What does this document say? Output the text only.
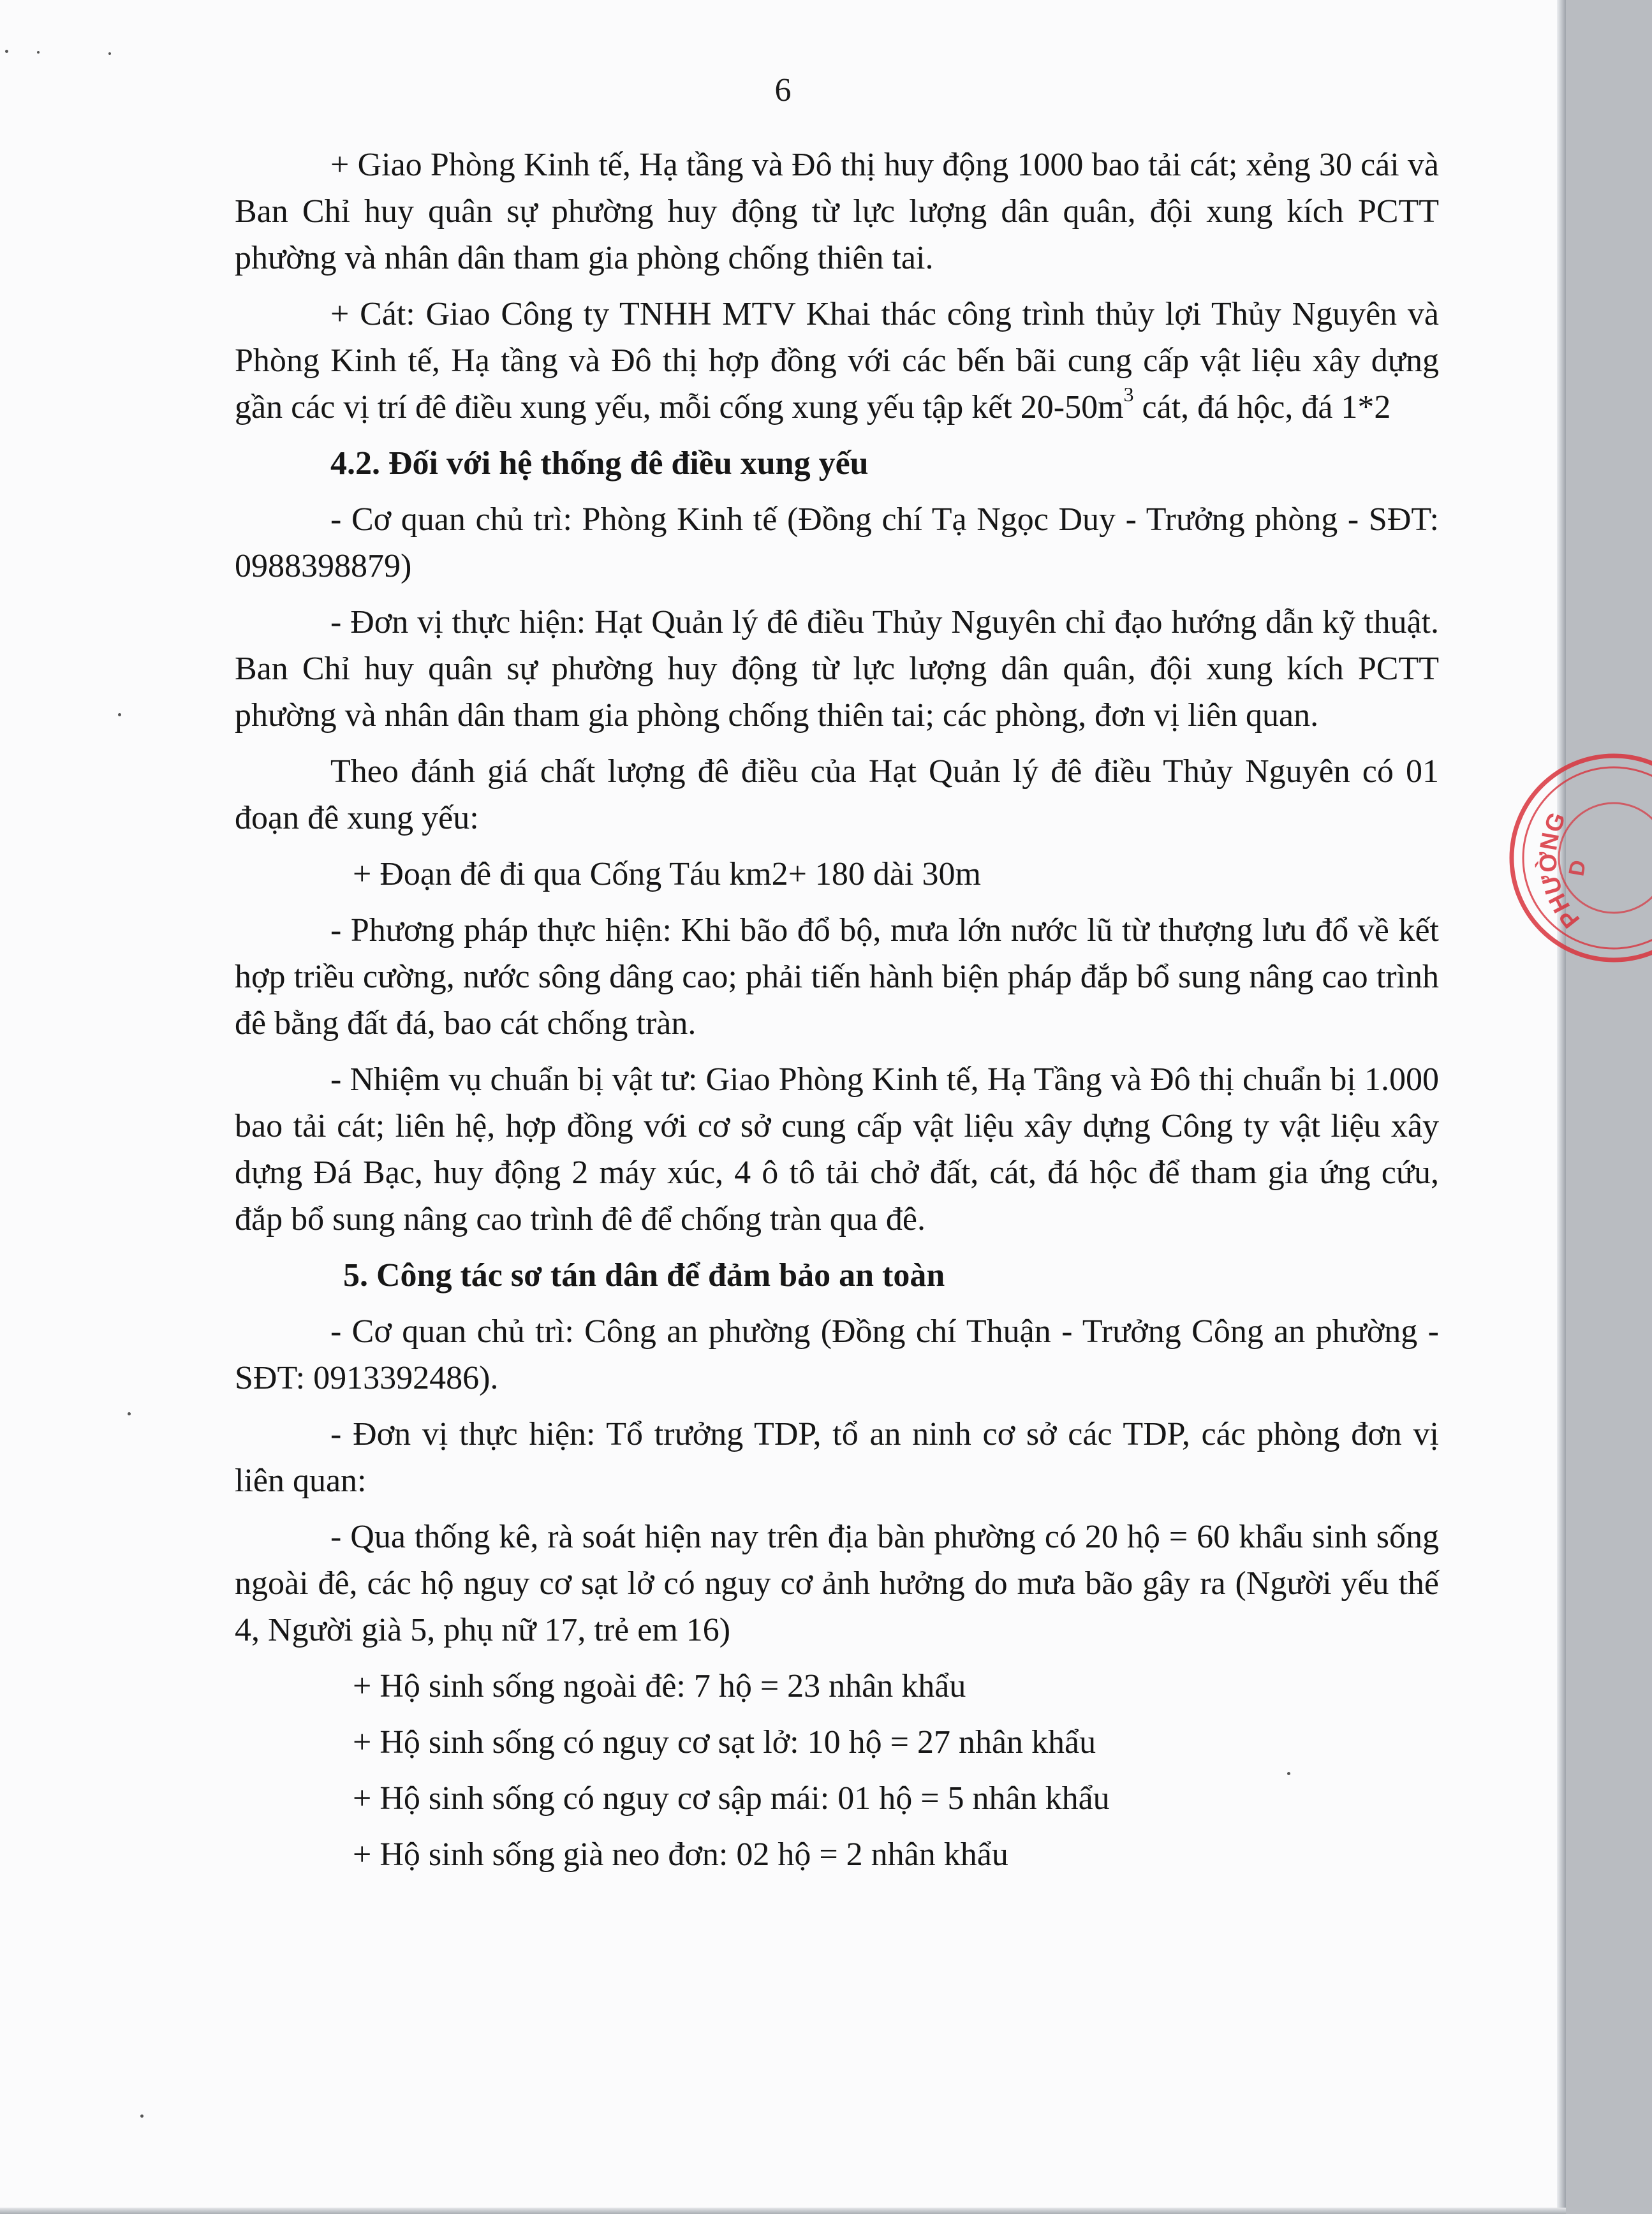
6

+ Giao Phòng Kinh tế, Hạ tầng và Đô thị huy động 1000 bao tải cát; xẻng 30 cái và Ban Chỉ huy quân sự phường huy động từ lực lượng dân quân, đội xung kích PCTT phường và nhân dân tham gia phòng chống thiên tai.

+ Cát: Giao Công ty TNHH MTV Khai thác công trình thủy lợi Thủy Nguyên và Phòng Kinh tế, Hạ tầng và Đô thị hợp đồng với các bến bãi cung cấp vật liệu xây dựng gần các vị trí đê điều xung yếu, mỗi cống xung yếu tập kết $20-50m^3$ cát, đá hộc, đá 1*2

4.2. Đối với hệ thống đê điều xung yếu

- Cơ quan chủ trì: Phòng Kinh tế (Đồng chí Tạ Ngọc Duy - Trưởng phòng - SĐT: 0988398879)

- Đơn vị thực hiện: Hạt Quản lý đê điều Thủy Nguyên chỉ đạo hướng dẫn kỹ thuật. Ban Chỉ huy quân sự phường huy động từ lực lượng dân quân, đội xung kích PCTT phường và nhân dân tham gia phòng chống thiên tai; các phòng, đơn vị liên quan.

Theo đánh giá chất lượng đê điều của Hạt Quản lý đê điều Thủy Nguyên có 01 đoạn đê xung yếu:

+ Đoạn đê đi qua Cống Táu km2+ 180 dài 30m

- Phương pháp thực hiện: Khi bão đổ bộ, mưa lớn nước lũ từ thượng lưu đổ về kết hợp triều cường, nước sông dâng cao; phải tiến hành biện pháp đắp bổ sung nâng cao trình đê bằng đất đá, bao cát chống tràn.

- Nhiệm vụ chuẩn bị vật tư: Giao Phòng Kinh tế, Hạ Tầng và Đô thị chuẩn bị 1.000 bao tải cát; liên hệ, hợp đồng với cơ sở cung cấp vật liệu xây dựng Công ty vật liệu xây dựng Đá Bạc, huy động 2 máy xúc, 4 ô tô tải chở đất, cát, đá hộc để tham gia ứng cứu, đắp bổ sung nâng cao trình đê để chống tràn qua đê.

5. Công tác sơ tán dân để đảm bảo an toàn

- Cơ quan chủ trì: Công an phường (Đồng chí Thuận - Trưởng Công an phường - SĐT: 0913392486).

- Đơn vị thực hiện: Tổ trưởng TDP, tổ an ninh cơ sở các TDP, các phòng đơn vị liên quan:

- Qua thống kê, rà soát hiện nay trên địa bàn phường có 20 hộ = 60 khẩu sinh sống ngoài đê, các hộ nguy cơ sạt lở có nguy cơ ảnh hưởng do mưa bão gây ra (Người yếu thế 4, Người già 5, phụ nữ 17, trẻ em 16)

+ Hộ sinh sống ngoài đê: 7 hộ = 23 nhân khẩu

+ Hộ sinh sống có nguy cơ sạt lở: 10 hộ = 27 nhân khẩu

+ Hộ sinh sống có nguy cơ sập mái: 01 hộ = 5 nhân khẩu

+ Hộ sinh sống già neo đơn: 02 hộ = 2 nhân khẩu

PHƯỜNG
D
